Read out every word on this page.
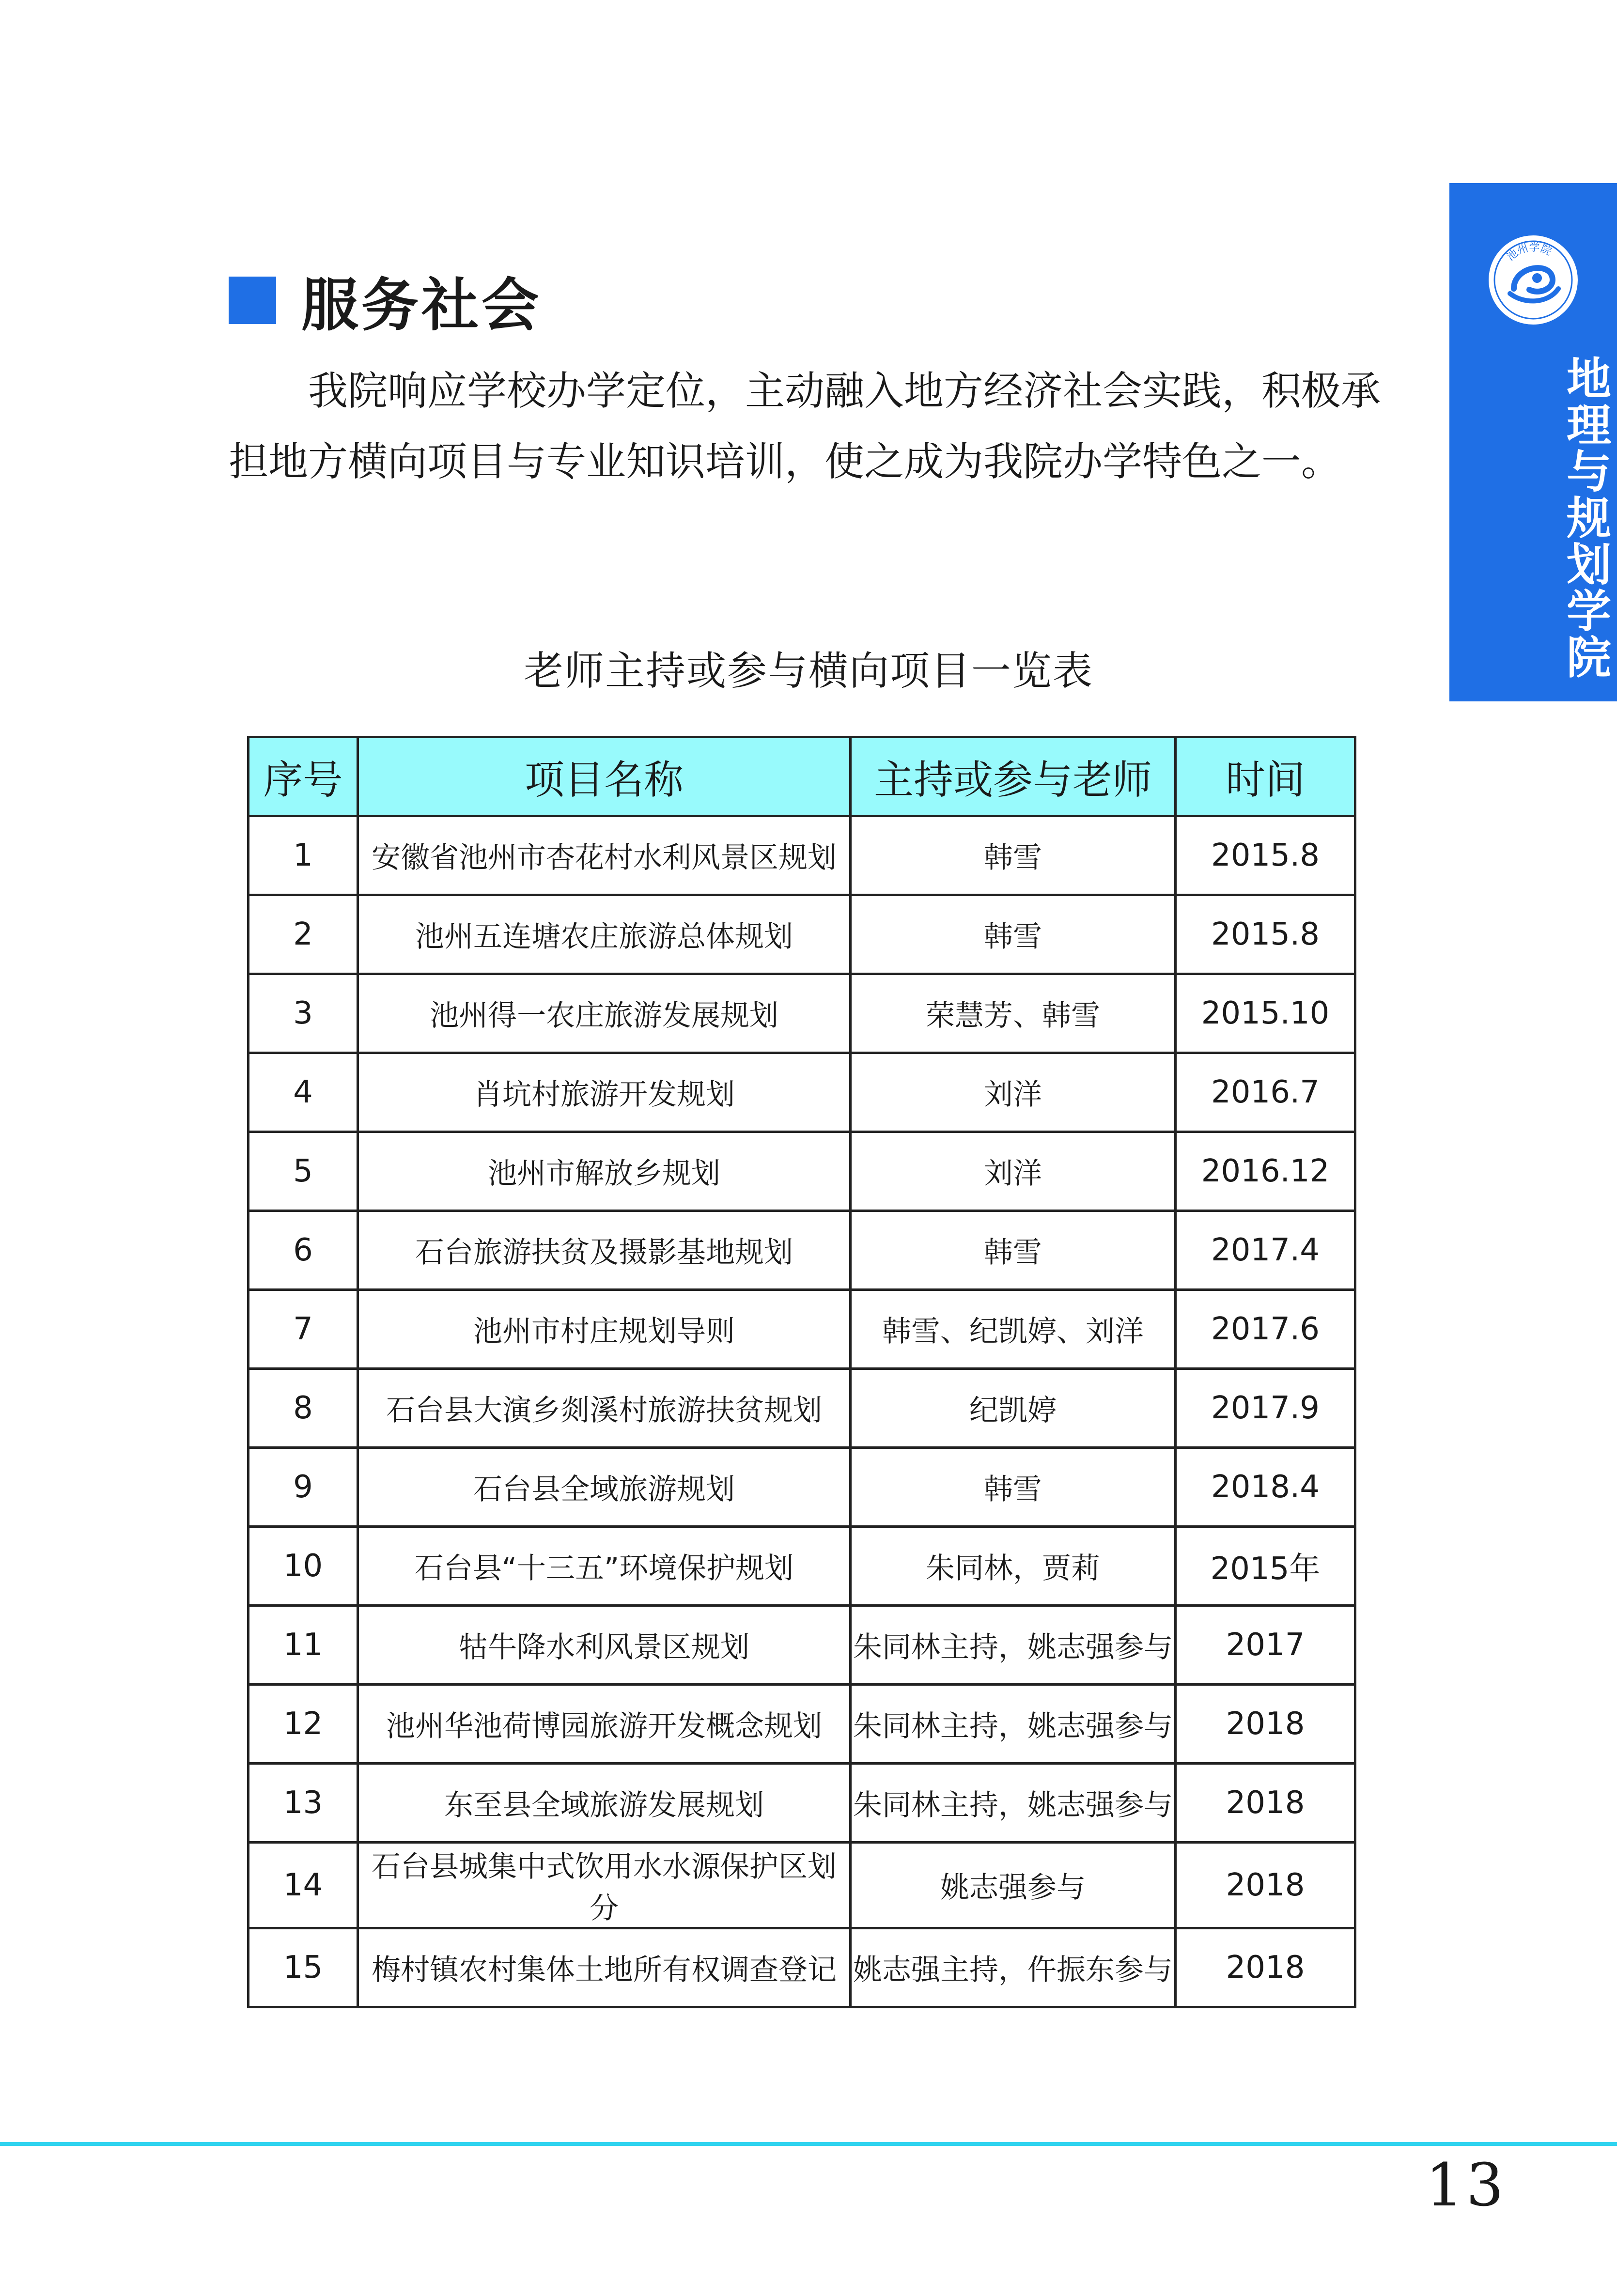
池州学院
地理与规划学院
服务社会

我院响应学校办学定位，主动融入地方经济社会实践，积极承担地方横向项目与专业知识培训，使之成为我院办学特色之一。

老师主持或参与横向项目一览表
序号	项目名称	主持或参与老师	时间
1	安徽省池州市杏花村水利风景区规划	韩雪	2015.8
2	池州五连塘农庄旅游总体规划	韩雪	2015.8
3	池州得一农庄旅游发展规划	荣慧芳、韩雪	2015.10
4	肖坑村旅游开发规划	刘洋	2016.7
5	池州市解放乡规划	刘洋	2016.12
6	石台旅游扶贫及摄影基地规划	韩雪	2017.4
7	池州市村庄规划导则	韩雪、纪凯婷、刘洋	2017.6
8	石台县大演乡剡溪村旅游扶贫规划	纪凯婷	2017.9
9	石台县全域旅游规划	韩雪	2018.4
10	石台县“十三五”环境保护规划	朱同林，贾莉	2015年
11	牯牛降水利风景区规划	朱同林主持，姚志强参与	2017
12	池州华池荷博园旅游开发概念规划	朱同林主持，姚志强参与	2018
13	东至县全域旅游发展规划	朱同林主持，姚志强参与	2018
14	石台县城集中式饮用水水源保护区划分	姚志强参与	2018
15	梅村镇农村集体土地所有权调查登记	姚志强主持，仵振东参与	2018
13
